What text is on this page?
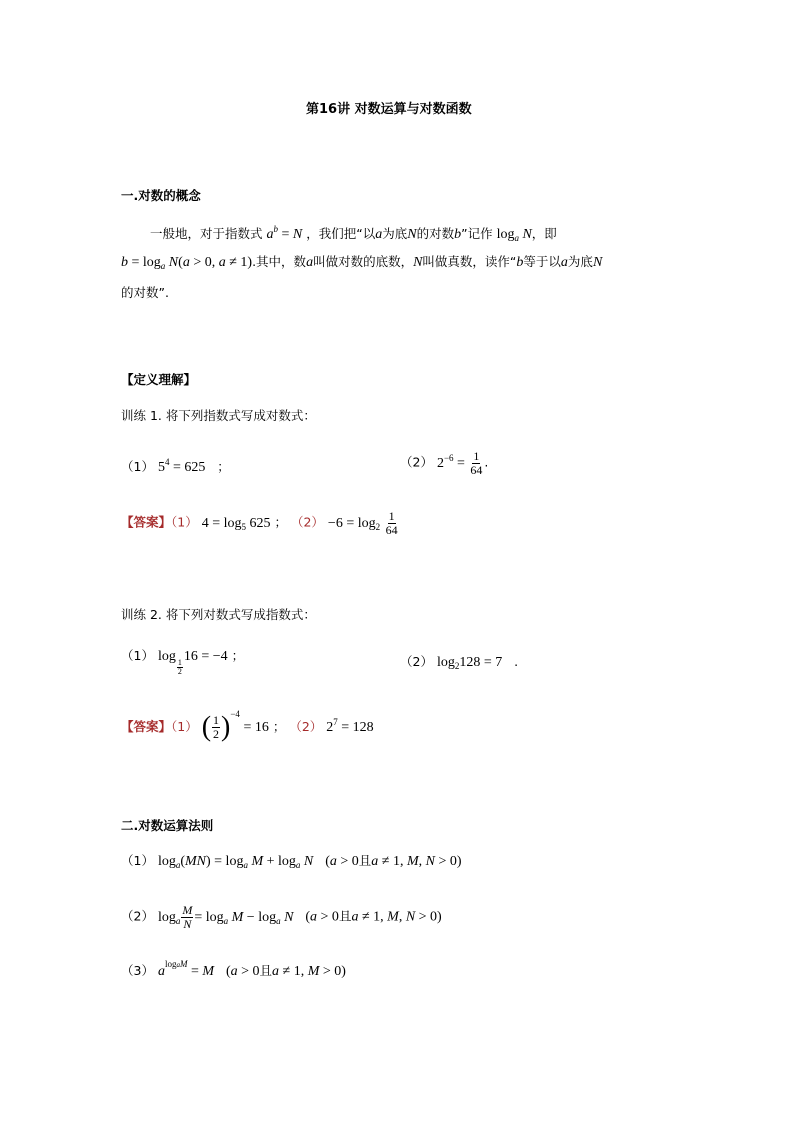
第16讲 对数运算与对数函数
一.对数的概念
一般地，对于指数式 $a^b = N$ ，我们把“以a为底N的对数b”记作 $\log_a N$，即
$b = \log_a N(a > 0$, a ≠ 1).其中，数a叫做对数的底数，N叫做真数，读作“b等于以a为底N
的对数”.
【定义理解】
训练 1. 将下列指数式写成对数式：
（1） $5^4 = 625$ ；	（2） $2^{-6} = \frac{1}{64}$ .
【答案】（1） $4 = \log_5 625$ ； $(2) -6 = \log_2 \frac{1}{64}$
训练 2. 将下列对数式写成指数式：
（1） log
$_{\frac{1}{2}}$
16 = −4 ；	（2） $\log_2128 = 7$ .
【答案】（1） ( $\frac{1}{2} )^{-4} = 16$ ； （2） $2^7 = 128$
二.对数运算法则
（1） $\log_a(MN) = \log_a M + \log_a N$ (a > 0且a ≠ 1, M, N > 0)
（2） $\log_a \frac{M}{N} = \log_a M - \log_a N$ (a > 0且a ≠ 1, M, N > 0)
（3） $a^{logaM} = M$ (a > 0且a ≠ 1, M > 0)
